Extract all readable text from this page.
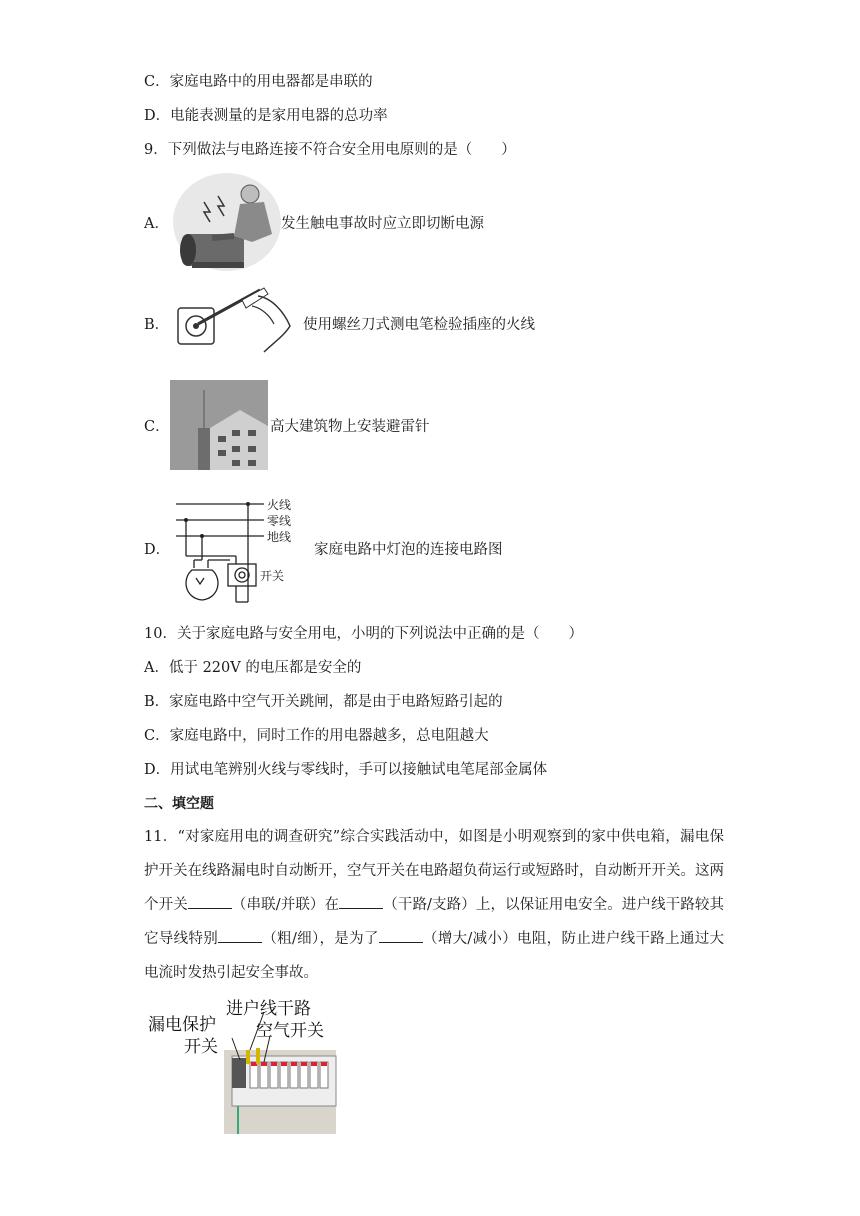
C．家庭电路中的用电器都是串联的
D．电能表测量的是家用电器的总功率
9．下列做法与电路连接不符合安全用电原则的是（　　）
A．	发生触电事故时应立即切断电源
B．	使用螺丝刀式测电笔检验插座的火线
C．	高大建筑物上安装避雷针
D．
火线
零线
地线
开关
家庭电路中灯泡的连接电路图
10．关于家庭电路与安全用电，小明的下列说法中正确的是（　　）
A．低于 220V 的电压都是安全的
B．家庭电路中空气开关跳闸，都是由于电路短路引起的
C．家庭电路中，同时工作的用电器越多，总电阻越大
D．用试电笔辨别火线与零线时，手可以接触试电笔尾部金属体
二、填空题
11．“对家庭用电的调查研究”综合实践活动中，如图是小明观察到的家中供电箱，漏电保护开关在线路漏电时自动断开，空气开关在电路超负荷运行或短路时，自动断开开关。这两个开关	（串联/并联）在	（干路/支路）上，以保证用电安全。进户线干路较其它导线特别	（粗/细），是为了	（增大/减小）电阻，防止进户线干路上通过大电流时发热引起安全事故。
漏电保护
开关
进户线干路
空气开关
